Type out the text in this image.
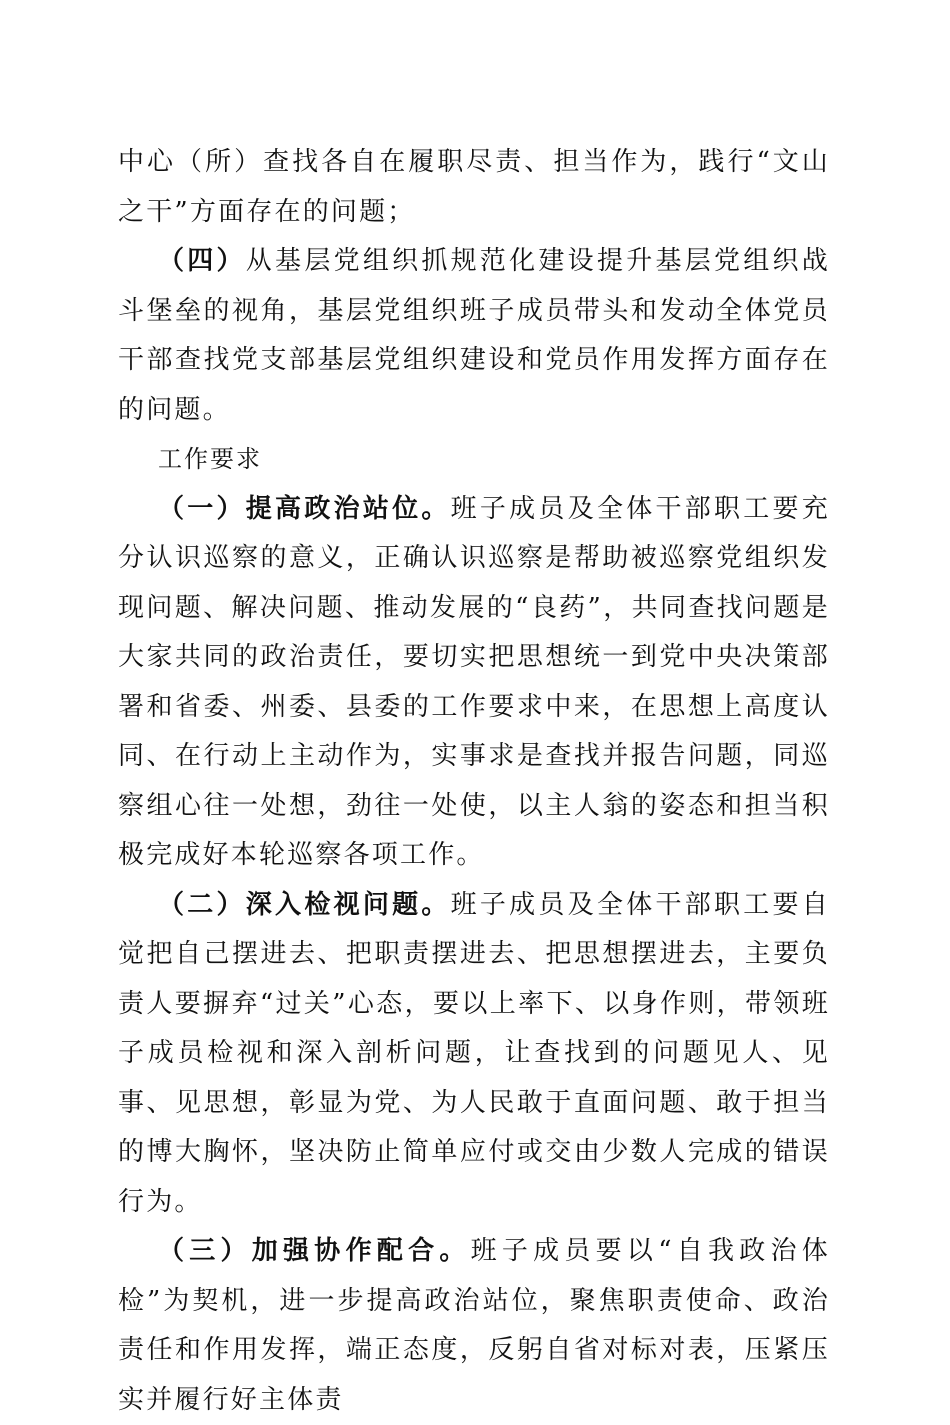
中心（所）查找各自在履职尽责、担当作为，践行“文山之干”方面存在的问题；

（四）从基层党组织抓规范化建设提升基层党组织战斗堡垒的视角，基层党组织班子成员带头和发动全体党员干部查找党支部基层党组织建设和党员作用发挥方面存在的问题。

工作要求

（一）提高政治站位。班子成员及全体干部职工要充分认识巡察的意义，正确认识巡察是帮助被巡察党组织发现问题、解决问题、推动发展的“良药”，共同查找问题是大家共同的政治责任，要切实把思想统一到党中央决策部署和省委、州委、县委的工作要求中来，在思想上高度认同、在行动上主动作为，实事求是查找并报告问题，同巡察组心往一处想，劲往一处使，以主人翁的姿态和担当积极完成好本轮巡察各项工作。

（二）深入检视问题。班子成员及全体干部职工要自觉把自己摆进去、把职责摆进去、把思想摆进去，主要负责人要摒弃“过关”心态，要以上率下、以身作则，带领班子成员检视和深入剖析问题，让查找到的问题见人、见事、见思想，彰显为党、为人民敢于直面问题、敢于担当的博大胸怀，坚决防止简单应付或交由少数人完成的错误行为。

（三）加强协作配合。班子成员要以“自我政治体检”为契机，进一步提高政治站位，聚焦职责使命、政治责任和作用发挥，端正态度，反躬自省对标对表，压紧压实并履行好主体责
